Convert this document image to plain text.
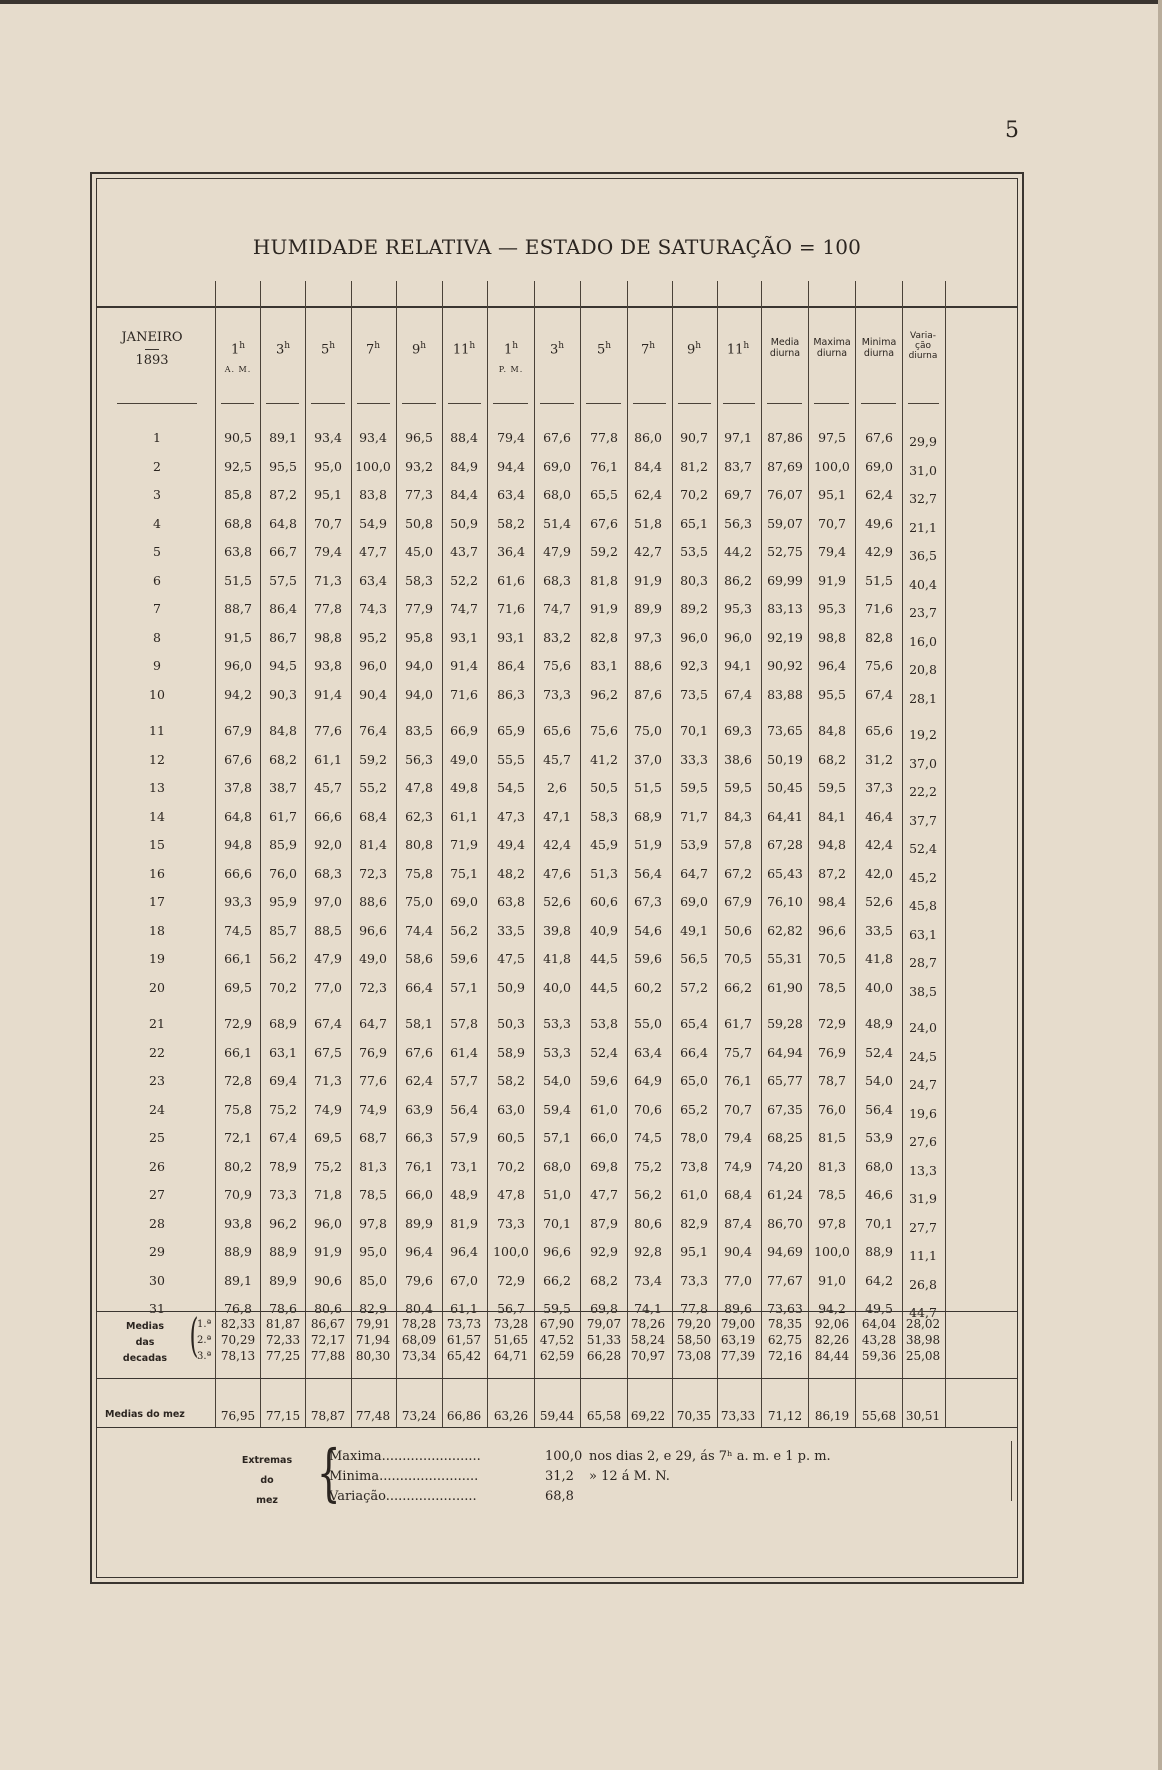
5
HUMIDADE RELATIVA — ESTADO DE SATURAÇÃO = 100
JANEIRO
1893
1$^h$
A. M.
3$^h$	5$^h$	7$^h$	9$^h$	11$^h$	1$^h$
P. M.
3$^h$	5$^h$	7$^h$	9$^h$	11$^h$	Media
diurna
Maxima
diurna
Minima
diurna
Varia-
ção
diurna
1	90,5	89,1	93,4	93,4	96,5	88,4	79,4	67,6	77,8	86,0	90,7	97,1	87,86	97,5	67,6	29,9
2	92,5	95,5	95,0	100,0	93,2	84,9	94,4	69,0	76,1	84,4	81,2	83,7	87,69 100,0	69,0	31,0
3	85,8	87,2	95,1	83,8	77,3	84,4	63,4	68,0	65,5	62,4	70,2	69,7	76,07	95,1	62,4	32,7
4	68,8	64,8	70,7	54,9	50,8	50,9	58,2	51,4	67,6	51,8	65,1	56,3	59,07	70,7	49,6	21,1
5	63,8	66,7	79,4	47,7	45,0	43,7	36,4	47,9	59,2	42,7	53,5	44,2	52,75	79,4	42,9	36,5
6	51,5	57,5	71,3	63,4	58,3	52,2	61,6	68,3	81,8	91,9	80,3	86,2	69,99	91,9	51,5	40,4
7	88,7	86,4	77,8	74,3	77,9	74,7	71,6	74,7	91,9	89,9	89,2	95,3	83,13	95,3	71,6	23,7
8	91,5	86,7	98,8	95,2	95,8	93,1	93,1	83,2	82,8	97,3	96,0	96,0	92,19	98,8	82,8	16,0
9	96,0	94,5	93,8	96,0	94,0	91,4	86,4	75,6	83,1	88,6	92,3	94,1	90,92	96,4	75,6	20,8
10	94,2	90,3	91,4	90,4	94,0	71,6	86,3	73,3	96,2	87,6	73,5	67,4	83,88	95,5	67,4	28,1
11	67,9	84,8	77,6	76,4	83,5	66,9	65,9	65,6	75,6	75,0	70,1	69,3	73,65	84,8	65,6	19,2
12	67,6	68,2	61,1	59,2	56,3	49,0	55,5	45,7	41,2	37,0	33,3	38,6	50,19	68,2	31,2	37,0
13	37,8	38,7	45,7	55,2	47,8	49,8	54,5	2,6	50,5	51,5	59,5	59,5	50,45	59,5	37,3	22,2
14	64,8	61,7	66,6	68,4	62,3	61,1	47,3	47,1	58,3	68,9	71,7	84,3	64,41	84,1	46,4	37,7
15	94,8	85,9	92,0	81,4	80,8	71,9	49,4	42,4	45,9	51,9	53,9	57,8	67,28	94,8	42,4	52,4
16	66,6	76,0	68,3	72,3	75,8	75,1	48,2	47,6	51,3	56,4	64,7	67,2	65,43	87,2	42,0	45,2
17	93,3	95,9	97,0	88,6	75,0	69,0	63,8	52,6	60,6	67,3	69,0	67,9	76,10	98,4	52,6	45,8
18	74,5	85,7	88,5	96,6	74,4	56,2	33,5	39,8	40,9	54,6	49,1	50,6	62,82	96,6	33,5	63,1
19	66,1	56,2	47,9	49,0	58,6	59,6	47,5	41,8	44,5	59,6	56,5	70,5	55,31	70,5	41,8	28,7
20	69,5	70,2	77,0	72,3	66,4	57,1	50,9	40,0	44,5	60,2	57,2	66,2	61,90	78,5	40,0	38,5
21	72,9	68,9	67,4	64,7	58,1	57,8	50,3	53,3	53,8	55,0	65,4	61,7	59,28	72,9	48,9	24,0
22	66,1	63,1	67,5	76,9	67,6	61,4	58,9	53,3	52,4	63,4	66,4	75,7	64,94	76,9	52,4	24,5
23	72,8	69,4	71,3	77,6	62,4	57,7	58,2	54,0	59,6	64,9	65,0	76,1	65,77	78,7	54,0	24,7
24	75,8	75,2	74,9	74,9	63,9	56,4	63,0	59,4	61,0	70,6	65,2	70,7	67,35	76,0	56,4	19,6
25	72,1	67,4	69,5	68,7	66,3	57,9	60,5	57,1	66,0	74,5	78,0	79,4	68,25	81,5	53,9	27,6
26	80,2	78,9	75,2	81,3	76,1	73,1	70,2	68,0	69,8	75,2	73,8	74,9	74,20	81,3	68,0	13,3
27	70,9	73,3	71,8	78,5	66,0	48,9	47,8	51,0	47,7	56,2	61,0	68,4	61,24	78,5	46,6	31,9
28	93,8	96,2	96,0	97,8	89,9	81,9	73,3	70,1	87,9	80,6	82,9	87,4	86,70	97,8	70,1	27,7
29	88,9	88,9	91,9	95,0	96,4	96,4	100,0	96,6	92,9	92,8	95,1	90,4	94,69 100,0	88,9	11,1
30	89,1	89,9	90,6	85,0	79,6	67,0	72,9	66,2	68,2	73,4	73,3	77,0	77,67	91,0	64,2	26,8
31	76,8	78,6	80,6	82,9	80,4	61,1	56,7	59,5	69,8	74,1	77,8	89,6	73,63	94,2	49,5	44,7
Medias
das
decadas (
1.ª 82,33 81,87 86,67 79,91 78,28 73,73	73,28 67,90	79,07 78,26 79,20 79,00	78,35	92,06	64,04 28,02
2.ª 70,29 72,33 72,17 71,94 68,09 61,57	51,65 47,52	51,33 58,24 58,50 63,19	62,75	82,26	43,28 38,98
3.ª 78,13 77,25 77,88 80,30 73,34 65,42	64,71 62,59	66,28 70,97 73,08 77,39	72,16	84,44	59,36 25,08
Medias do mez	76,95 77,15 78,87 77,48 73,24 66,86	63,26 59,44	65,58 69,22 70,35 73,33	71,12	86,19	55,68 30,51
Extremas
do
mez {
Maxima........................	100,0 nos dias 2, e 29, ás 7ʰ a. m. e 1 p. m.
Minima........................	31,2 » 12 á M. N.
Variação......................	68,8
